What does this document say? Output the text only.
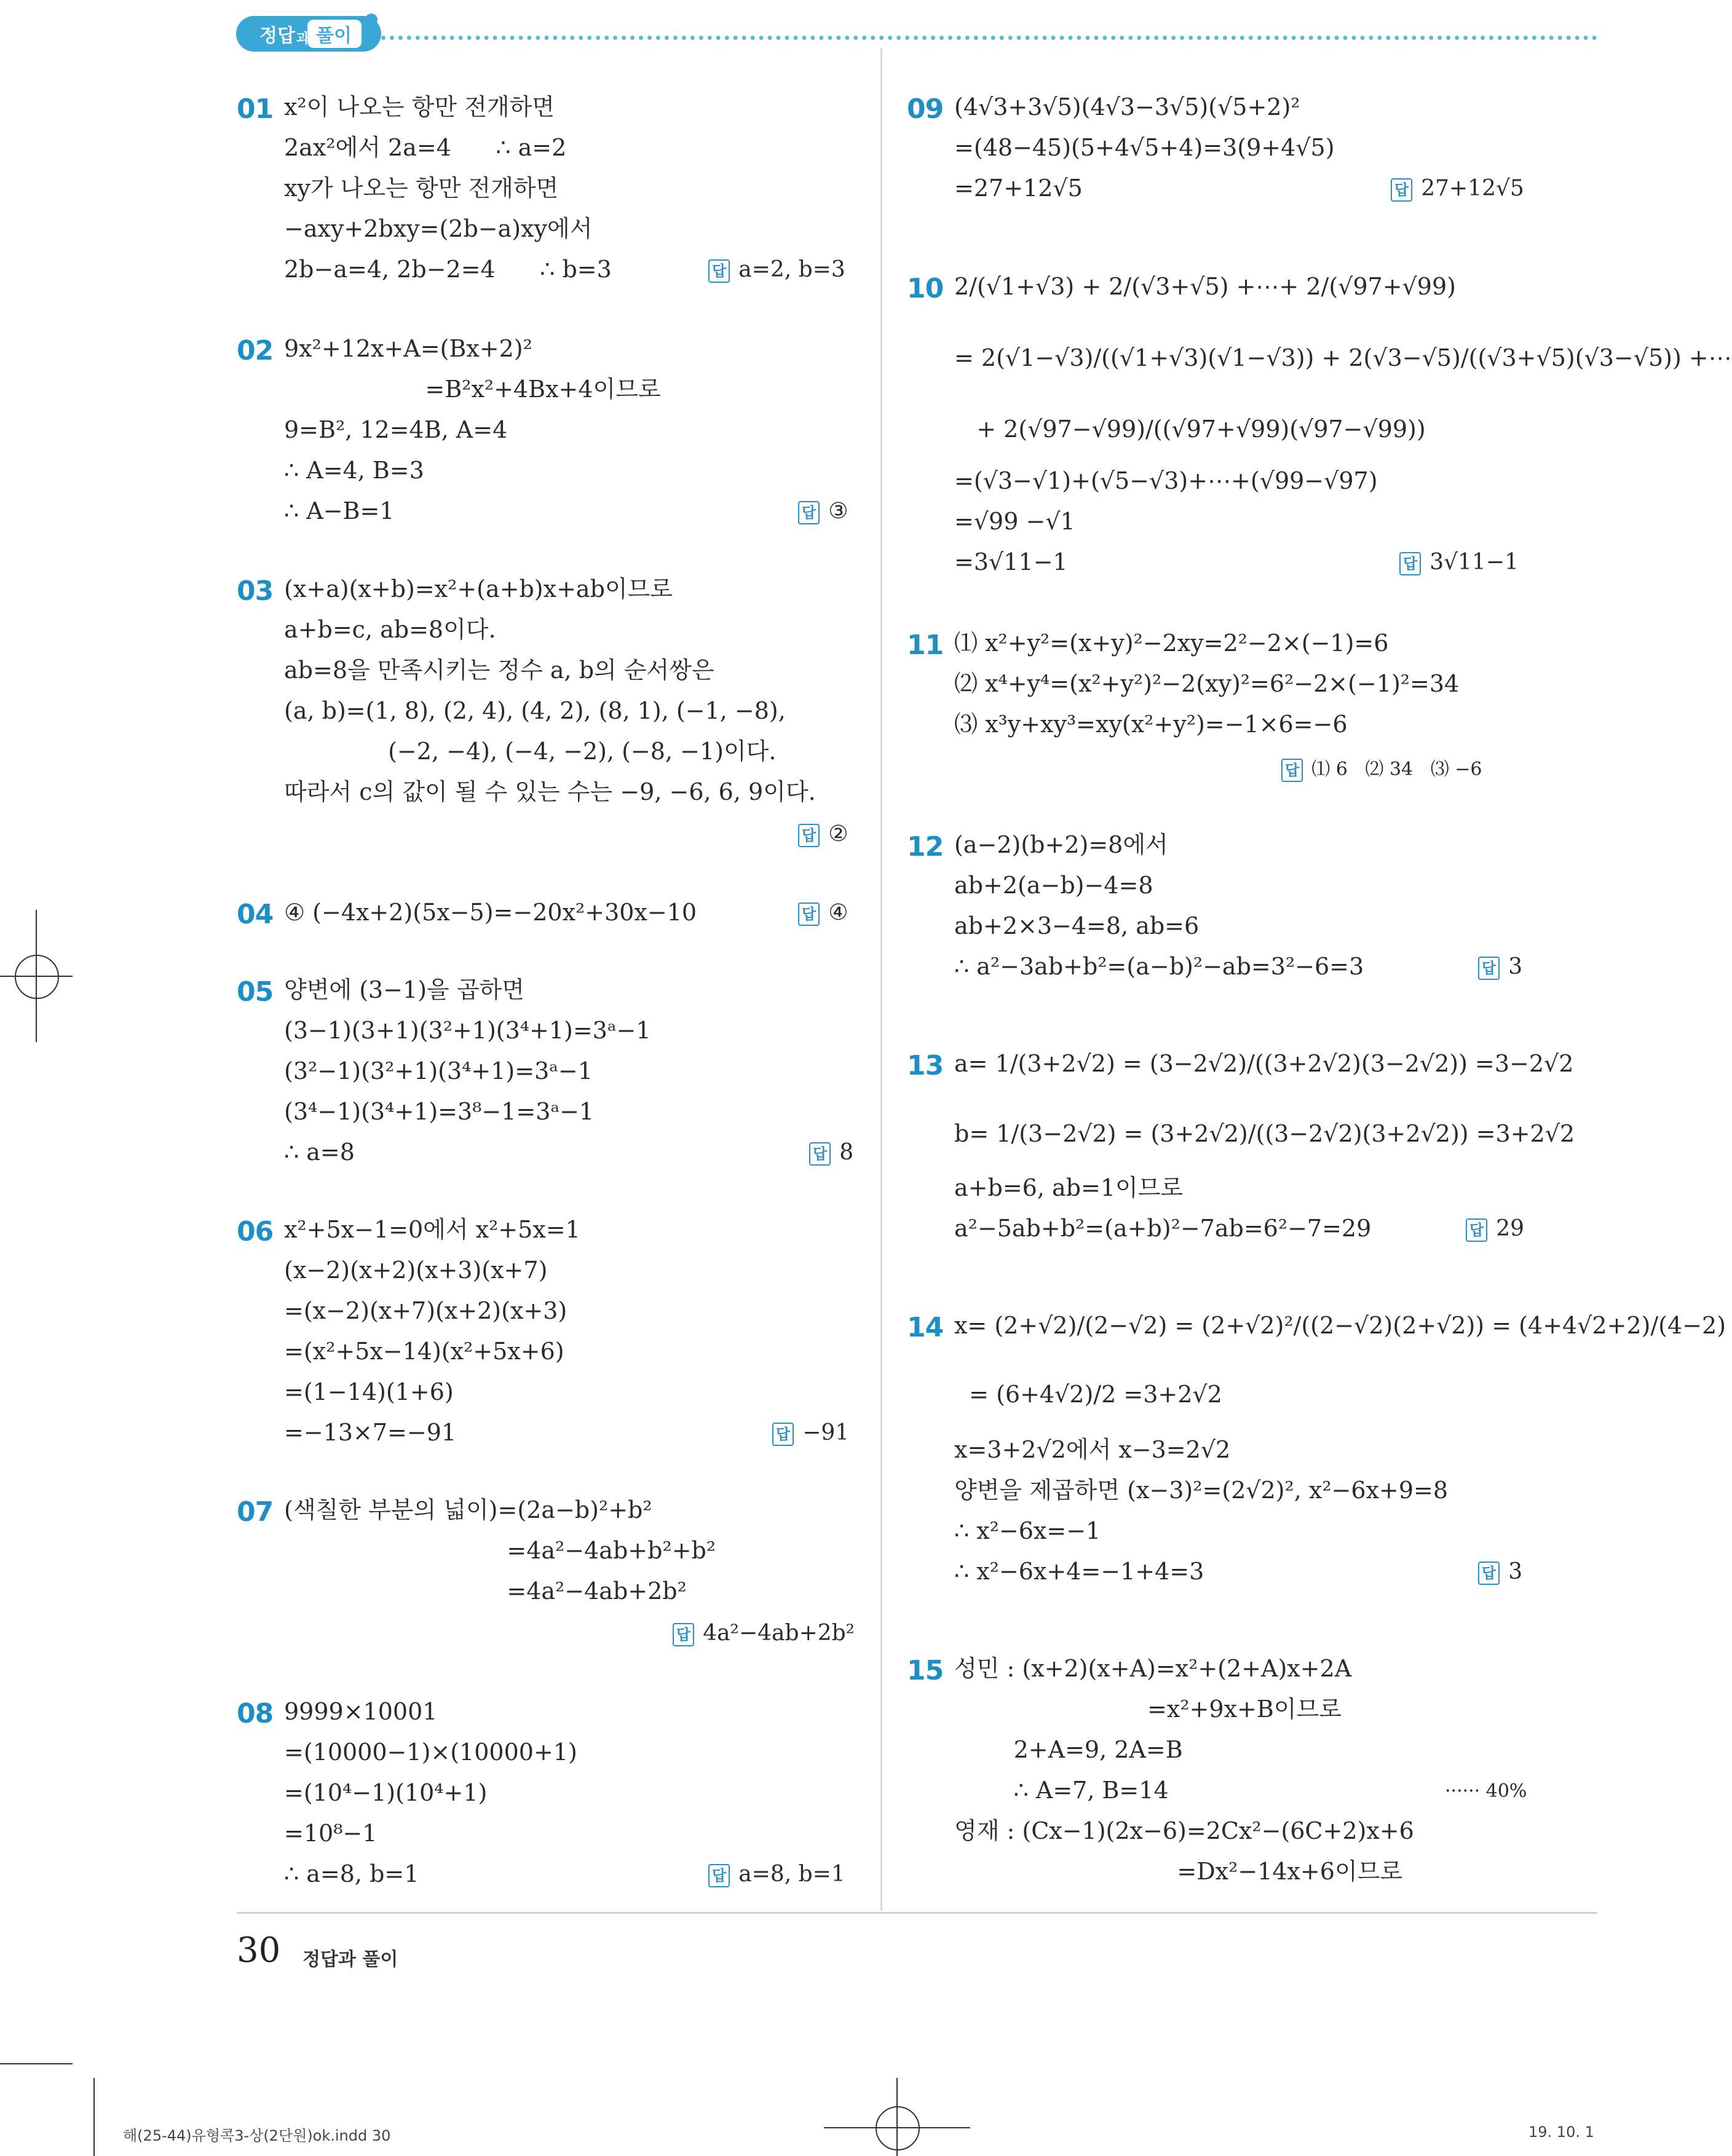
정답 과 풀이
01 x²이 나오는 항만 전개하면
2ax²에서 2a=4      ∴ a=2
xy가 나오는 항만 전개하면
−axy+2bxy=(2b−a)xy에서
2b−a=4, 2b−2=4      ∴ b=3	답 a=2, b=3
02 9x²+12x+A=(Bx+2)²
=B²x²+4Bx+4이므로
9=B², 12=4B, A=4
∴ A=4, B=3
∴ A−B=1	답 ③
03 (x+a)(x+b)=x²+(a+b)x+ab이므로
a+b=c, ab=8이다.
ab=8을 만족시키는 정수 a, b의 순서쌍은
(a, b)=(1, 8), (2, 4), (4, 2), (8, 1), (−1, −8),
(−2, −4), (−4, −2), (−8, −1)이다.
따라서 c의 값이 될 수 있는 수는 −9, −6, 6, 9이다.
답 ②
04 ④ (−4x+2)(5x−5)=−20x²+30x−10	답 ④
05 양변에 (3−1)을 곱하면
(3−1)(3+1)(3²+1)(3⁴+1)=3ᵃ−1
(3²−1)(3²+1)(3⁴+1)=3ᵃ−1
(3⁴−1)(3⁴+1)=3⁸−1=3ᵃ−1
∴ a=8	답 8
06 x²+5x−1=0에서 x²+5x=1
(x−2)(x+2)(x+3)(x+7)
=(x−2)(x+7)(x+2)(x+3)
=(x²+5x−14)(x²+5x+6)
=(1−14)(1+6)
=−13×7=−91	답 −91
07 (색칠한 부분의 넓이)=(2a−b)²+b²
=4a²−4ab+b²+b²
=4a²−4ab+2b²
답 4a²−4ab+2b²
08 9999×10001
=(10000−1)×(10000+1)
=(10⁴−1)(10⁴+1)
=10⁸−1
∴ a=8, b=1	답 a=8, b=1
09 (4√3+3√5)(4√3−3√5)(√5+2)²
=(48−45)(5+4√5+4)=3(9+4√5)
=27+12√5	답 27+12√5
10 2/(√1+√3) + 2/(√3+√5) +⋯+ 2/(√97+√99)
= 2(√1−√3)/((√1+√3)(√1−√3)) + 2(√3−√5)/((√3+√5)(√3−√5)) +⋯
+ 2(√97−√99)/((√97+√99)(√97−√99))
=(√3−√1)+(√5−√3)+⋯+(√99−√97)
=√99 −√1
=3√11−1	답 3√11−1
11 ⑴ x²+y²=(x+y)²−2xy=2²−2×(−1)=6
⑵ x⁴+y⁴=(x²+y²)²−2(xy)²=6²−2×(−1)²=34
⑶ x³y+xy³=xy(x²+y²)=−1×6=−6
답 ⑴ 6   ⑵ 34   ⑶ −6
12 (a−2)(b+2)=8에서
ab+2(a−b)−4=8
ab+2×3−4=8, ab=6
∴ a²−3ab+b²=(a−b)²−ab=3²−6=3	답 3
13 a= 1/(3+2√2) = (3−2√2)/((3+2√2)(3−2√2)) =3−2√2
b= 1/(3−2√2) = (3+2√2)/((3−2√2)(3+2√2)) =3+2√2
a+b=6, ab=1이므로
a²−5ab+b²=(a+b)²−7ab=6²−7=29	답 29
14 x= (2+√2)/(2−√2) = (2+√2)²/((2−√2)(2+√2)) = (4+4√2+2)/(4−2)
= (6+4√2)/2 =3+2√2
x=3+2√2에서 x−3=2√2
양변을 제곱하면 (x−3)²=(2√2)², x²−6x+9=8
∴ x²−6x=−1
∴ x²−6x+4=−1+4=3	답 3
15 성민 : (x+2)(x+A)=x²+(2+A)x+2A
=x²+9x+B이므로
2+A=9, 2A=B
∴ A=7, B=14	······ 40%
영재 : (Cx−1)(2x−6)=2Cx²−(6C+2)x+6
=Dx²−14x+6이므로
30 정답과 풀이
해(25-44)유형콕3-상(2단원)ok.indd 30	19. 10. 1
